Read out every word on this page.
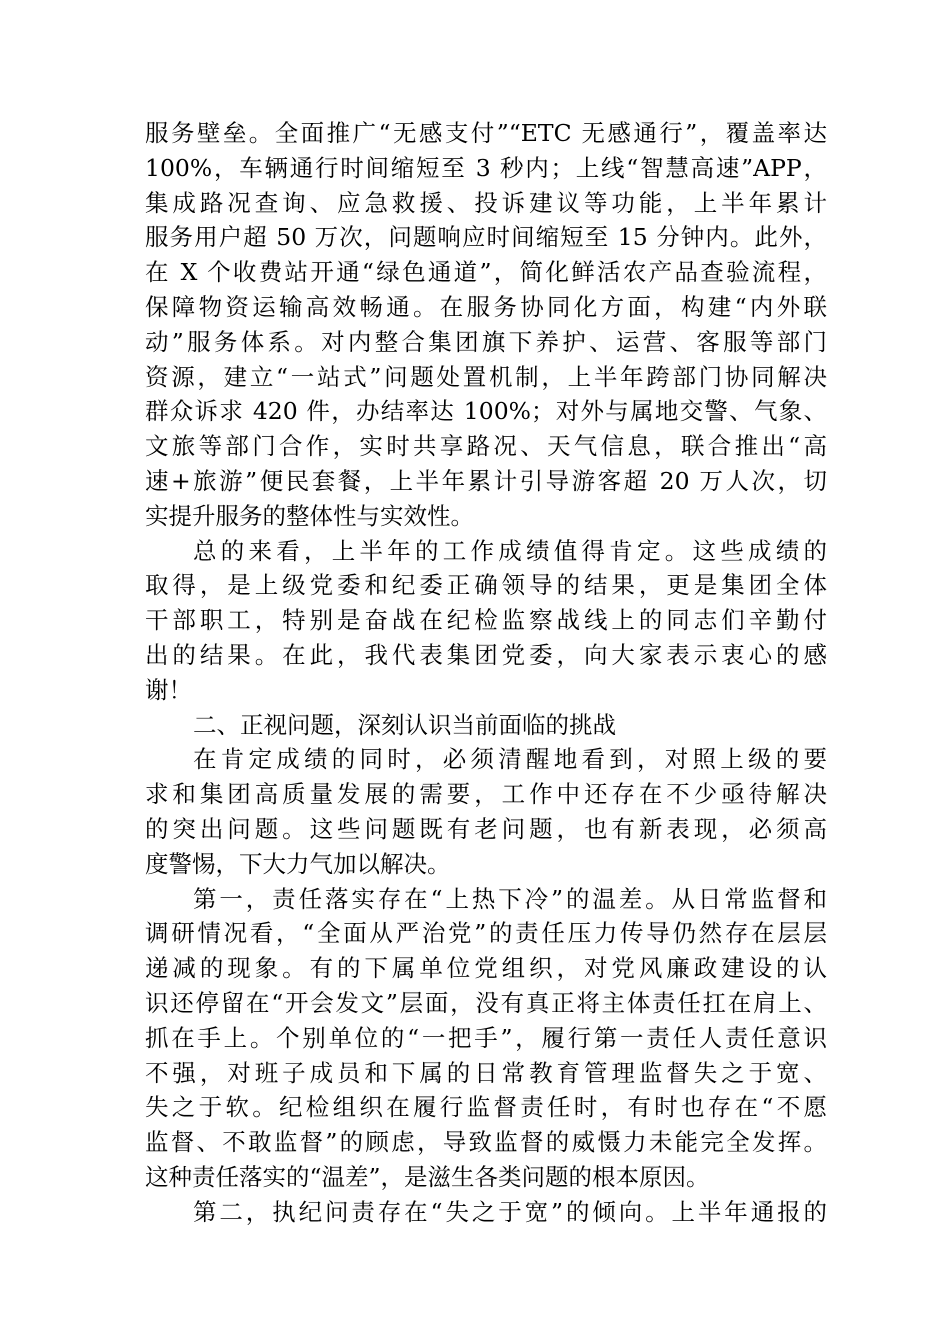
服务壁垒。全面推广“无感支付”“ETC 无感通行”，覆盖率达
100%，车辆通行时间缩短至 3 秒内；上线“智慧高速”APP，
集成路况查询、应急救援、投诉建议等功能，上半年累计
服务用户超 50 万次，问题响应时间缩短至 15 分钟内。此外，
在 X 个收费站开通“绿色通道”，简化鲜活农产品查验流程，
保障物资运输高效畅通。在服务协同化方面，构建“内外联
动”服务体系。对内整合集团旗下养护、运营、客服等部门
资源，建立“一站式”问题处置机制，上半年跨部门协同解决
群众诉求 420 件，办结率达 100%；对外与属地交警、气象、
文旅等部门合作，实时共享路况、天气信息，联合推出“高
速+旅游”便民套餐，上半年累计引导游客超 20 万人次，切
实提升服务的整体性与实效性。
总的来看，上半年的工作成绩值得肯定。这些成绩的
取得，是上级党委和纪委正确领导的结果，更是集团全体
干部职工，特别是奋战在纪检监察战线上的同志们辛勤付
出的结果。在此，我代表集团党委，向大家表示衷心的感
谢！
二、正视问题，深刻认识当前面临的挑战
在肯定成绩的同时，必须清醒地看到，对照上级的要
求和集团高质量发展的需要，工作中还存在不少亟待解决
的突出问题。这些问题既有老问题，也有新表现，必须高
度警惕，下大力气加以解决。
第一，责任落实存在“上热下冷”的温差。从日常监督和
调研情况看，“全面从严治党”的责任压力传导仍然存在层层
递减的现象。有的下属单位党组织，对党风廉政建设的认
识还停留在“开会发文”层面，没有真正将主体责任扛在肩上、
抓在手上。个别单位的“一把手”，履行第一责任人责任意识
不强，对班子成员和下属的日常教育管理监督失之于宽、
失之于软。纪检组织在履行监督责任时，有时也存在“不愿
监督、不敢监督”的顾虑，导致监督的威慑力未能完全发挥。
这种责任落实的“温差”，是滋生各类问题的根本原因。
第二，执纪问责存在“失之于宽”的倾向。上半年通报的
